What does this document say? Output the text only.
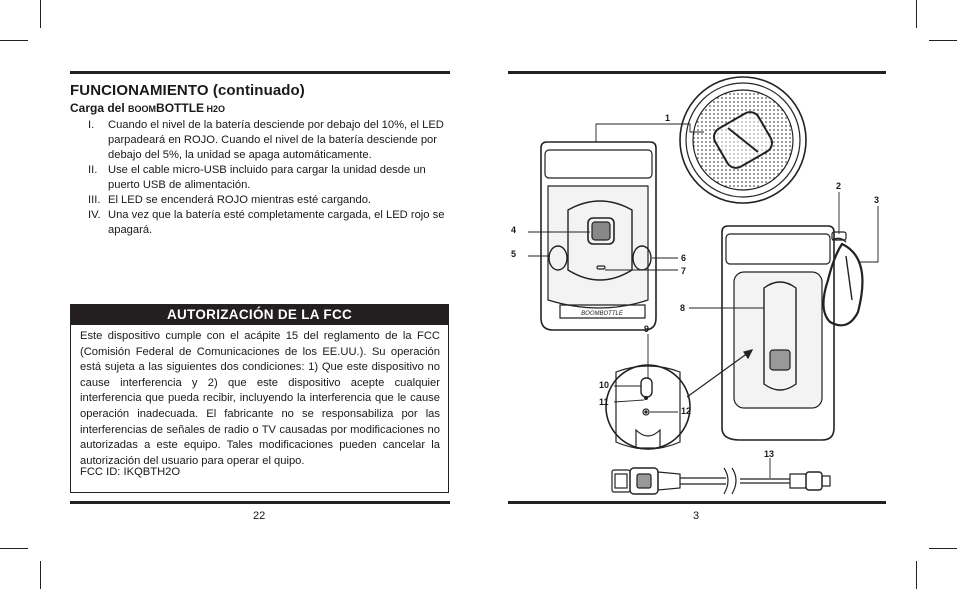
FUNCIONAMIENTO (continuado)
Carga del BOOMBOTTLE H2O
I.	Cuando el nivel de la batería desciende por debajo del 10%, el LED parpadeará en ROJO. Cuando el nivel de la batería desciende por debajo del 5%, la unidad se apaga automáticamente.
II. Use el cable micro-USB incluido para cargar la unidad desde un puerto USB de alimentación.
III. El LED se encenderá ROJO mientras esté cargando.
IV. Una vez que la batería esté completamente cargada, el LED rojo se apagará.
AUTORIZACIÓN DE LA FCC

Este dispositivo cumple con el acápite 15 del reglamento de la FCC (Comisión Federal de Comunicaciones de los EE.UU.). Su operación está sujeta a las siguientes dos condiciones: 1) Que este dispositivo no cause interferencia y 2) que este dispositivo acepte cualquier interferencia que pueda recibir, incluyendo la interferencia que le cause operación inadecuada. El fabricante no se responsabiliza por las interferencias de señales de radio o TV causadas por modificaciones no autorizadas a este equipo. Tales modificaciones pueden cancelar la autorización del usuario para operar el quipo.

FCC ID: IKQBTH2O

22	3
BOOMBOTTLE
1
2
3
4
5	6
7
8
9
10
11
12
13
